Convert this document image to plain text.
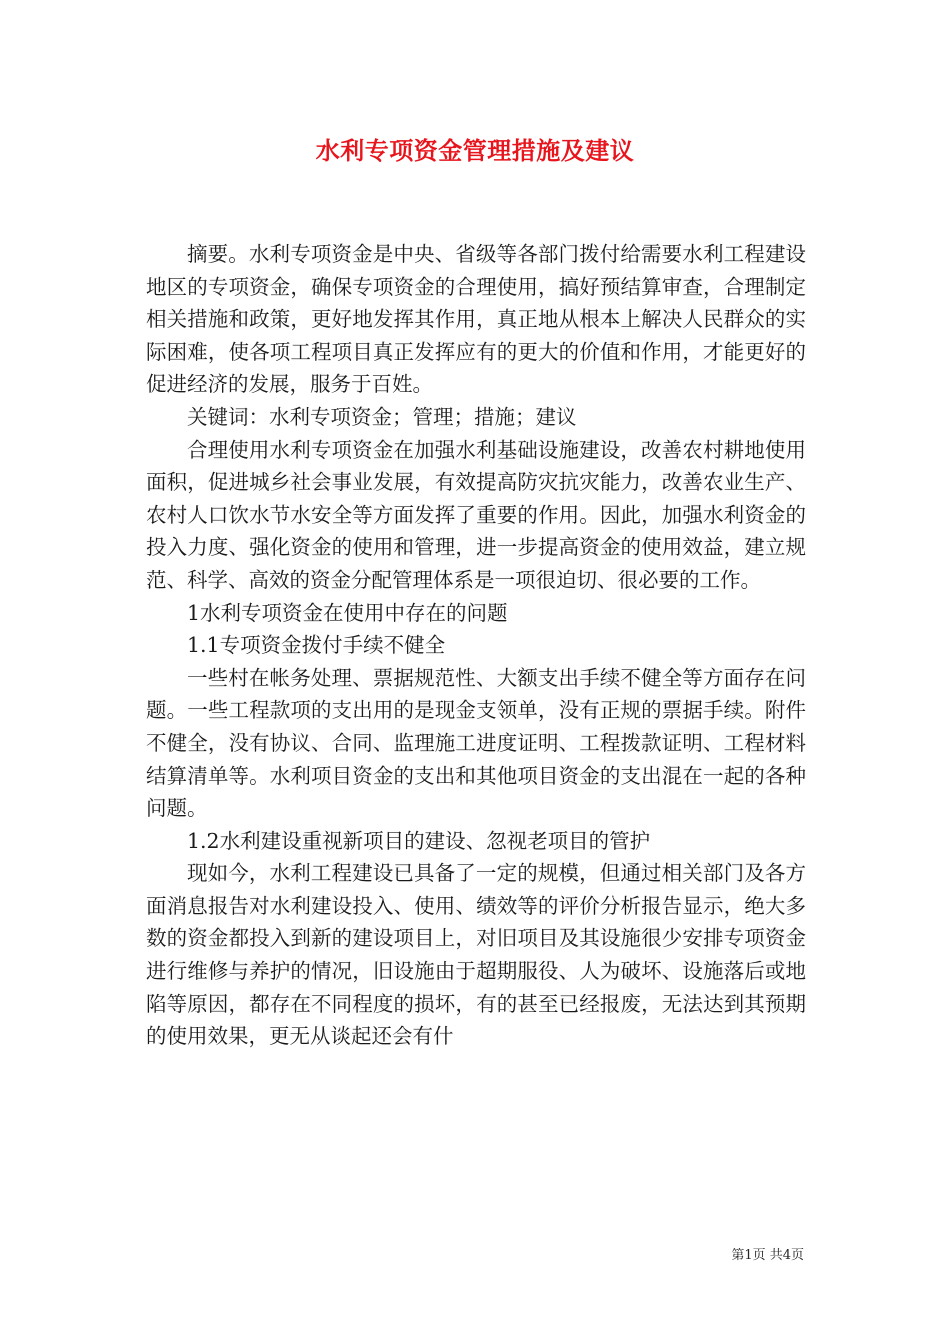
水利专项资金管理措施及建议

摘要。水利专项资金是中央、省级等各部门拨付给需要水利工程建设地区的专项资金，确保专项资金的合理使用，搞好预结算审查，合理制定相关措施和政策，更好地发挥其作用，真正地从根本上解决人民群众的实际困难，使各项工程项目真正发挥应有的更大的价值和作用，才能更好的促进经济的发展，服务于百姓。

关键词：水利专项资金；管理；措施；建议

合理使用水利专项资金在加强水利基础设施建设，改善农村耕地使用面积，促进城乡社会事业发展，有效提高防灾抗灾能力，改善农业生产、农村人口饮水节水安全等方面发挥了重要的作用。因此，加强水利资金的投入力度、强化资金的使用和管理，进一步提高资金的使用效益，建立规范、科学、高效的资金分配管理体系是一项很迫切、很必要的工作。

1水利专项资金在使用中存在的问题

1.1专项资金拨付手续不健全

一些村在帐务处理、票据规范性、大额支出手续不健全等方面存在问题。一些工程款项的支出用的是现金支领单，没有正规的票据手续。附件不健全，没有协议、合同、监理施工进度证明、工程拨款证明、工程材料结算清单等。水利项目资金的支出和其他项目资金的支出混在一起的各种问题。

1.2水利建设重视新项目的建设、忽视老项目的管护

现如今，水利工程建设已具备了一定的规模，但通过相关部门及各方面消息报告对水利建设投入、使用、绩效等的评价分析报告显示，绝大多数的资金都投入到新的建设项目上，对旧项目及其设施很少安排专项资金进行维修与养护的情况，旧设施由于超期服役、人为破坏、设施落后或地陷等原因，都存在不同程度的损坏，有的甚至已经报废，无法达到其预期的使用效果，更无从谈起还会有什

第1页 共4页
